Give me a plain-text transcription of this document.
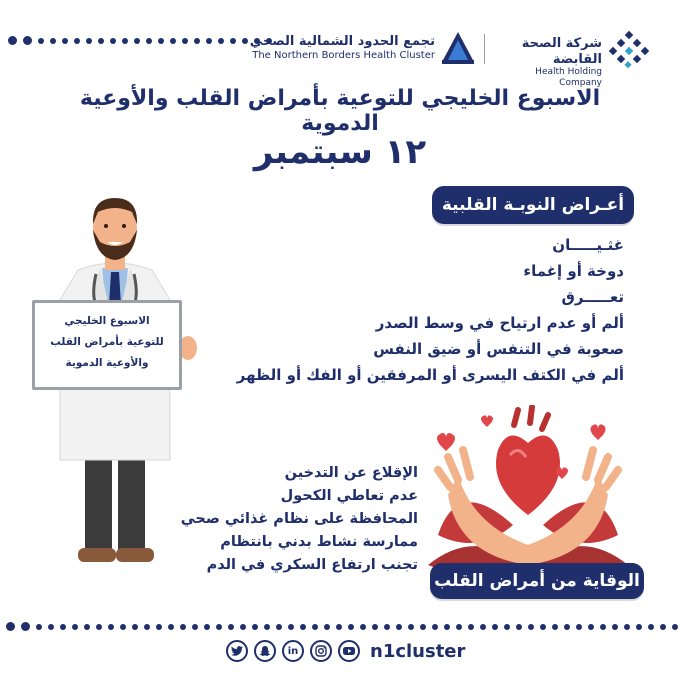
تجمع الحدود الشمالية الصحي
The Northern Borders Health Cluster
شركة الصحة القابضة
Health Holding Company
الاسبوع الخليجي للتوعية بأمراض القلب والأوعية الدموية
١٢ سبتمبر
أعـراض النوبـة القلبية
غثـيـــــان
دوخة أو إغماء
تعـــــرق
ألم أو عدم ارتياح في وسط الصدر
صعوبة في التنفس أو ضيق النفس
ألم في الكتف اليسرى أو المرفقين أو الفك أو الظهر
الاسبوع الخليجي
للتوعية بأمراض القلب
والأوعية الدموية
الإقلاع عن التدخين
عدم تعاطي الكحول
المحافظة على نظام غذائي صحي
ممارسة نشاط بدني بانتظام
تجنب ارتفاع السكري في الدم
الوقاية من أمراض القلب
in	n1cluster
